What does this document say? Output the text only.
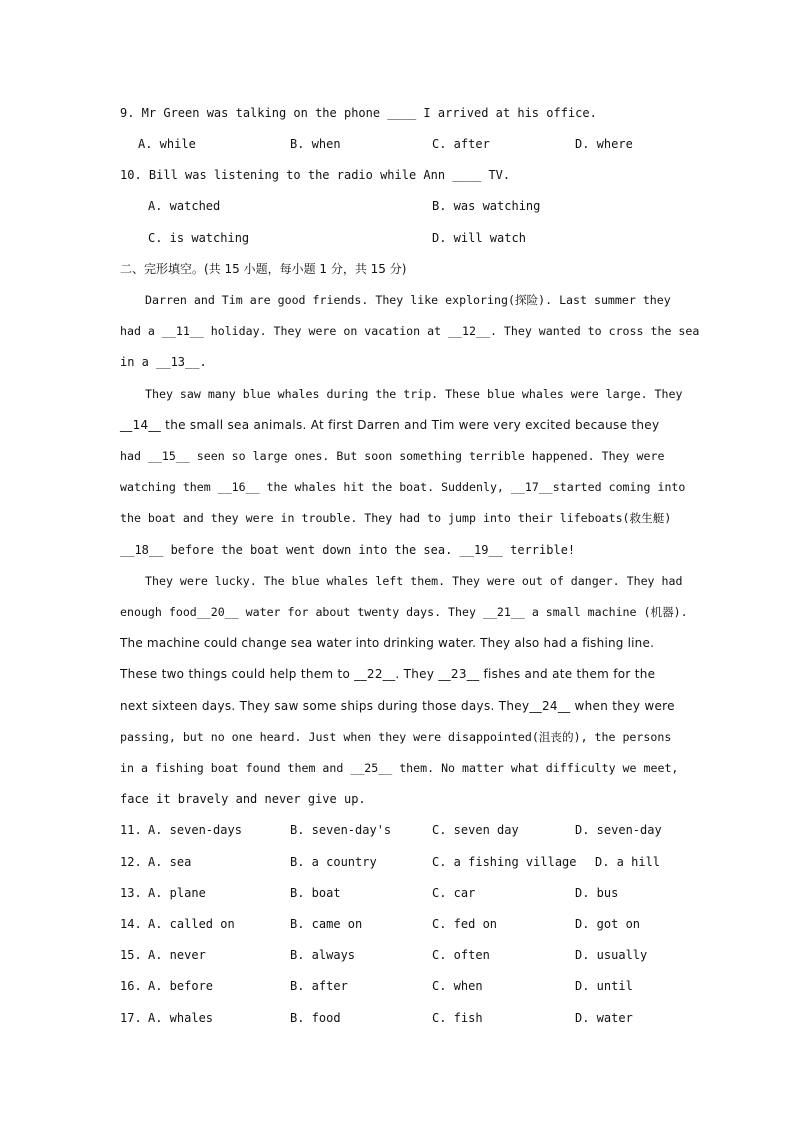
9. Mr Green was talking on the phone ____ I arrived at his office.
A. while	B. when	C. after	D. where
10. Bill was listening to the radio while Ann ____ TV.
A. watched	B. was watching
C. is watching	D. will watch
二、完形填空。(共 15 小题，每小题 1 分，共 15 分)
Darren and Tim are good friends. They like exploring(探险). Last summer they
had a __11__ holiday. They were on vacation at __12__. They wanted to cross the sea
in a __13__.
They saw many blue whales during the trip. These blue whales were large. They
__14__ the small sea animals. At first Darren and Tim were very excited because they
had __15__ seen so large ones. But soon something terrible happened. They were
watching them __16__ the whales hit the boat. Suddenly, __17__started coming into
the boat and they were in trouble. They had to jump into their lifeboats(救生艇)
__18__ before the boat went down into the sea. __19__ terrible!
They were lucky. The blue whales left them. They were out of danger. They had
enough food__20__ water for about twenty days. They __21__ a small machine (机器).
The machine could change sea water into drinking water. They also had a fishing line.
These two things could help them to __22__. They __23__ fishes and ate them for the
next sixteen days. They saw some ships during those days. They__24__ when they were
passing, but no one heard. Just when they were disappointed(沮丧的), the persons
in a fishing boat found them and __25__ them. No matter what difficulty we meet,
face it bravely and never give up.
11. A. seven-days	B. seven-day's	C. seven day	D. seven-day
12. A. sea	B. a country	C. a fishing village D. a hill
13. A. plane	B. boat	C. car	D. bus
14. A. called on	B. came on	C. fed on	D. got on
15. A. never	B. always	C. often	D. usually
16. A. before	B. after	C. when	D. until
17. A. whales	B. food	C. fish	D. water
